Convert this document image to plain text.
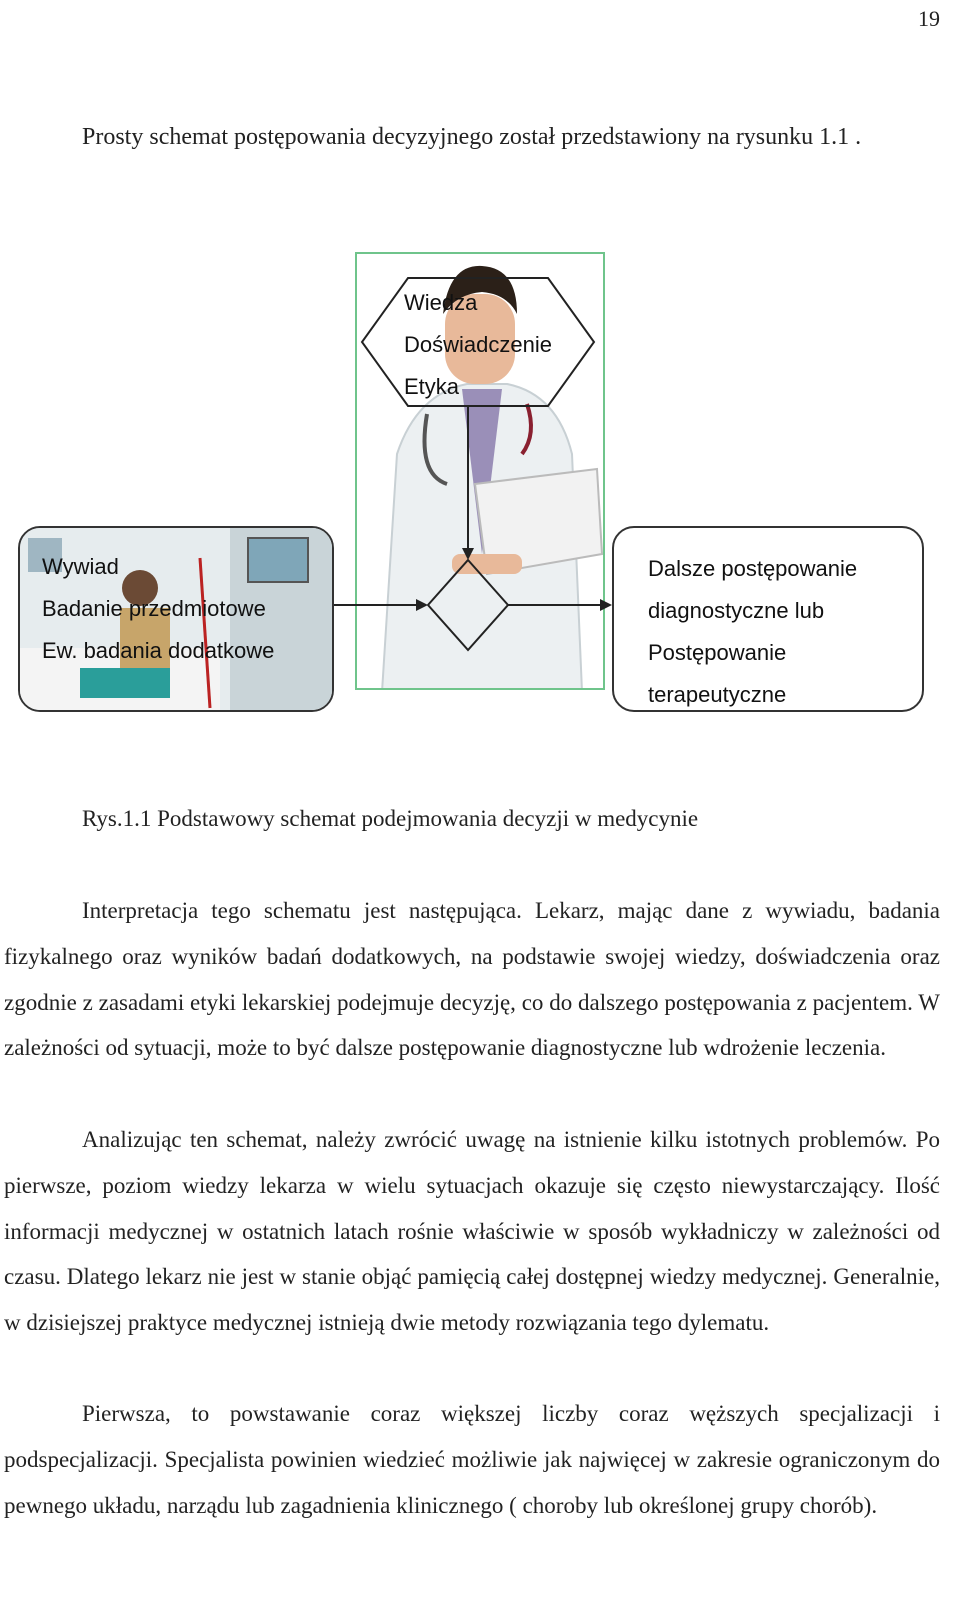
19
Prosty schemat postępowania decyzyjnego został przedstawiony na rysunku 1.1 .
Wiedza
Doświadczenie
Etyka
Wywiad
Badanie przedmiotowe
Ew. badania dodatkowe
Dalsze postępowanie
diagnostyczne lub
Postępowanie
terapeutyczne
Rys.1.1 Podstawowy schemat podejmowania decyzji w medycynie

Interpretacja tego schematu jest następująca. Lekarz, mając dane z wywiadu, badania fizykalnego oraz wyników badań dodatkowych, na podstawie swojej wiedzy, doświadczenia oraz zgodnie z zasadami etyki lekarskiej podejmuje decyzję, co do dalszego postępowania z pacjentem. W zależności od sytuacji, może to być dalsze postępowanie diagnostyczne lub wdrożenie leczenia.

Analizując ten schemat, należy zwrócić uwagę na istnienie kilku istotnych problemów. Po pierwsze, poziom wiedzy lekarza w wielu sytuacjach okazuje się często niewystarczający. Ilość informacji medycznej w ostatnich latach rośnie właściwie w sposób wykładniczy w zależności od czasu. Dlatego lekarz nie jest w stanie objąć pamięcią całej dostępnej wiedzy medycznej. Generalnie, w dzisiejszej praktyce medycznej istnieją dwie metody rozwiązania tego dylematu.

Pierwsza, to powstawanie coraz większej liczby coraz węższych specjalizacji i podspecjalizacji. Specjalista powinien wiedzieć możliwie jak najwięcej w zakresie ograniczonym do pewnego układu, narządu lub zagadnienia klinicznego ( choroby lub określonej grupy chorób).
